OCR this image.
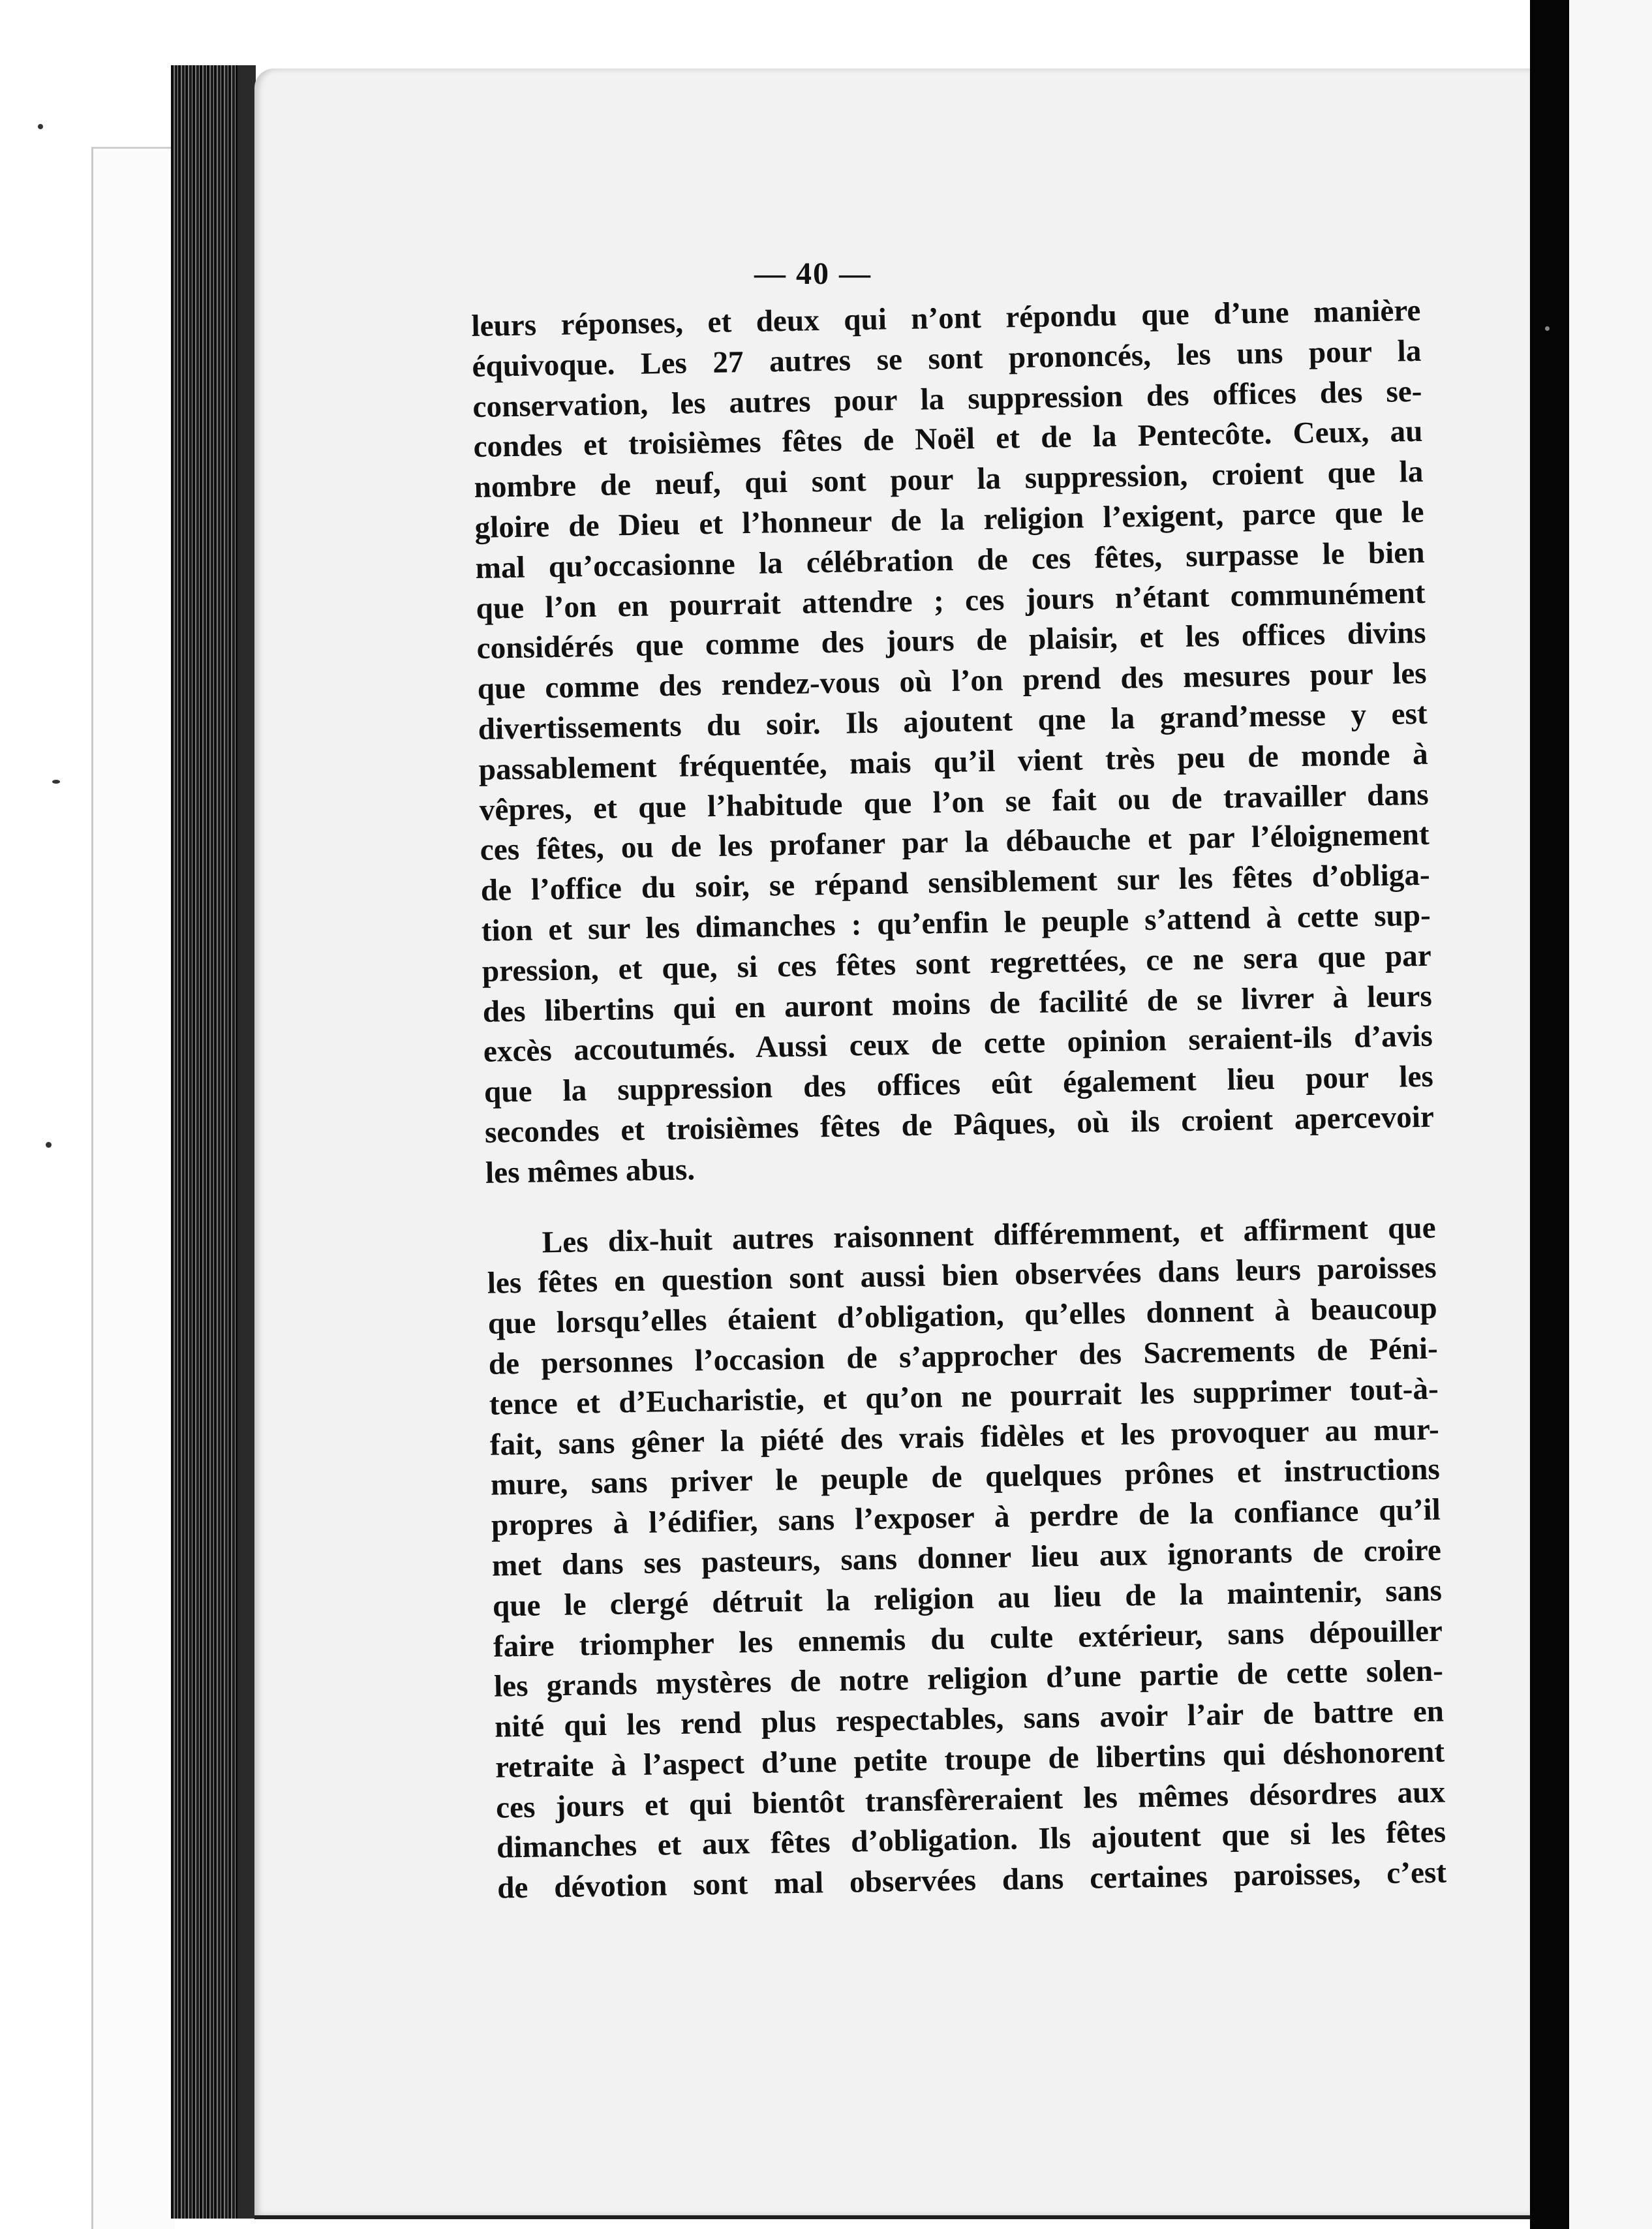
— 40 —
leurs réponses, et deux qui n’ont répondu que d’une manière
équivoque. Les 27 autres se sont prononcés, les uns pour la
conservation, les autres pour la suppression des offices des se-
condes et troisièmes fêtes de Noël et de la Pentecôte. Ceux, au
nombre de neuf, qui sont pour la suppression, croient que la
gloire de Dieu et l’honneur de la religion l’exigent, parce que le
mal qu’occasionne la célébration de ces fêtes, surpasse le bien
que l’on en pourrait attendre ; ces jours n’étant communément
considérés que comme des jours de plaisir, et les offices divins
que comme des rendez-vous où l’on prend des mesures pour les
divertissements du soir. Ils ajoutent qne la grand’messe y est
passablement fréquentée, mais qu’il vient très peu de monde à
vêpres, et que l’habitude que l’on se fait ou de travailler dans
ces fêtes, ou de les profaner par la débauche et par l’éloignement
de l’office du soir, se répand sensiblement sur les fêtes d’obliga-
tion et sur les dimanches : qu’enfin le peuple s’attend à cette sup-
pression, et que, si ces fêtes sont regrettées, ce ne sera que par
des libertins qui en auront moins de facilité de se livrer à leurs
excès accoutumés. Aussi ceux de cette opinion seraient-ils d’avis
que la suppression des offices eût également lieu pour les
secondes et troisièmes fêtes de Pâques, où ils croient apercevoir
les mêmes abus.
Les dix-huit autres raisonnent différemment, et affirment que
les fêtes en question sont aussi bien observées dans leurs paroisses
que lorsqu’elles étaient d’obligation, qu’elles donnent à beaucoup
de personnes l’occasion de s’approcher des Sacrements de Péni-
tence et d’Eucharistie, et qu’on ne pourrait les supprimer tout-à-
fait, sans gêner la piété des vrais fidèles et les provoquer au mur-
mure, sans priver le peuple de quelques prônes et instructions
propres à l’édifier, sans l’exposer à perdre de la confiance qu’il
met dans ses pasteurs, sans donner lieu aux ignorants de croire
que le clergé détruit la religion au lieu de la maintenir, sans
faire triompher les ennemis du culte extérieur, sans dépouiller
les grands mystères de notre religion d’une partie de cette solen-
nité qui les rend plus respectables, sans avoir l’air de battre en
retraite à l’aspect d’une petite troupe de libertins qui déshonorent
ces jours et qui bientôt transfèreraient les mêmes désordres aux
dimanches et aux fêtes d’obligation. Ils ajoutent que si les fêtes
de dévotion sont mal observées dans certaines paroisses, c’est
